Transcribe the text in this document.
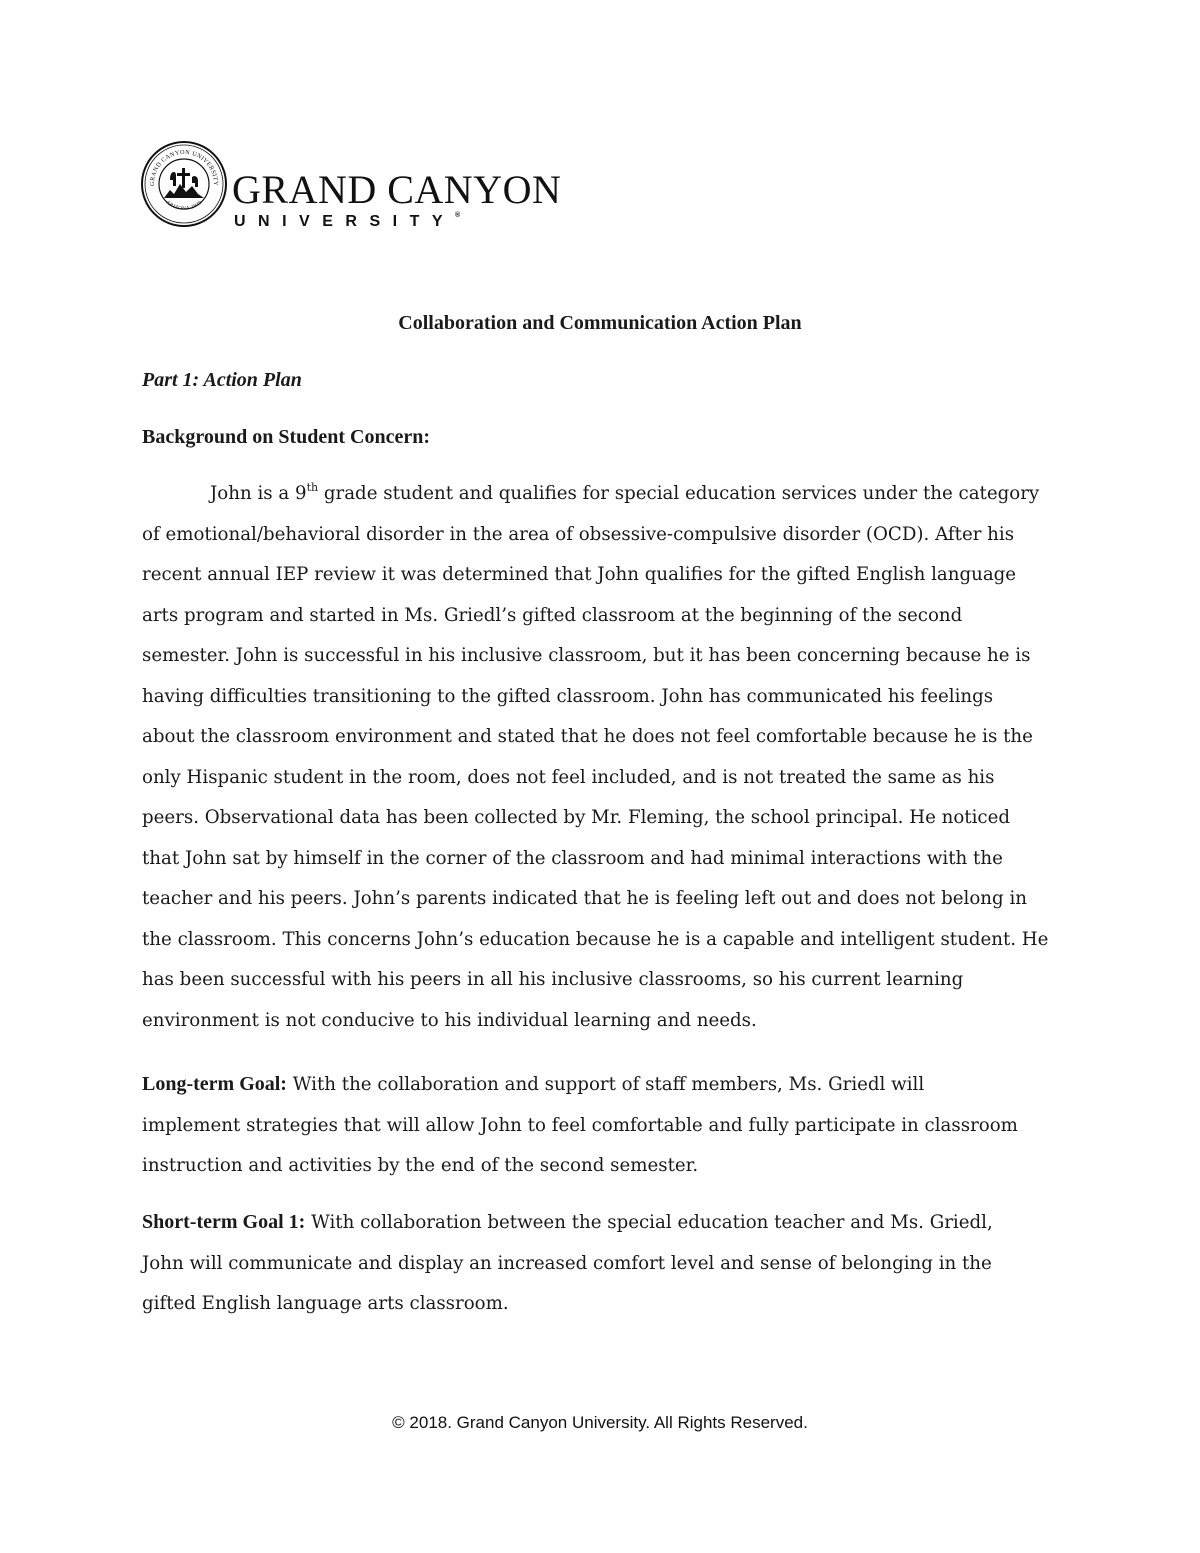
GRAND CANYON UNIVERSITY
ARIZONA 1949 GRAND CANYON
UNIVERSITY®
Collaboration and Communication Action Plan
Part 1: Action Plan
Background on Student Concern:
John is a 9th grade student and qualifies for special education services under the category
of emotional/behavioral disorder in the area of obsessive-compulsive disorder (OCD). After his
recent annual IEP review it was determined that John qualifies for the gifted English language
arts program and started in Ms. Griedl’s gifted classroom at the beginning of the second
semester. John is successful in his inclusive classroom, but it has been concerning because he is
having difficulties transitioning to the gifted classroom. John has communicated his feelings
about the classroom environment and stated that he does not feel comfortable because he is the
only Hispanic student in the room, does not feel included, and is not treated the same as his
peers. Observational data has been collected by Mr. Fleming, the school principal. He noticed
that John sat by himself in the corner of the classroom and had minimal interactions with the
teacher and his peers. John’s parents indicated that he is feeling left out and does not belong in
the classroom. This concerns John’s education because he is a capable and intelligent student. He
has been successful with his peers in all his inclusive classrooms, so his current learning
environment is not conducive to his individual learning and needs.
Long-term Goal: With the collaboration and support of staff members, Ms. Griedl will
implement strategies that will allow John to feel comfortable and fully participate in classroom
instruction and activities by the end of the second semester.
Short-term Goal 1: With collaboration between the special education teacher and Ms. Griedl,
John will communicate and display an increased comfort level and sense of belonging in the
gifted English language arts classroom.
© 2018. Grand Canyon University. All Rights Reserved.
